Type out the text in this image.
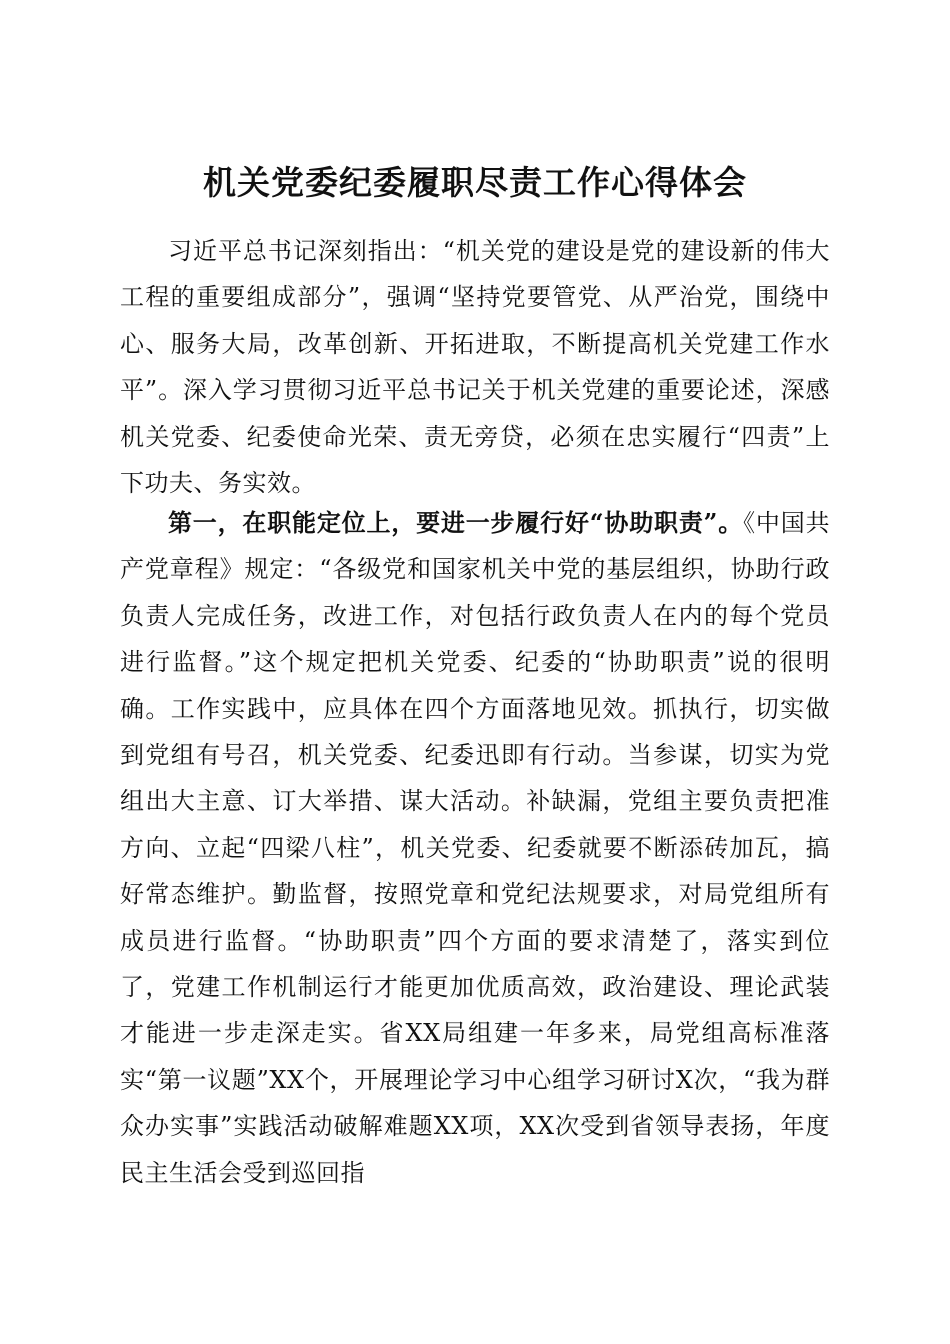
机关党委纪委履职尽责工作心得体会

习近平总书记深刻指出：“机关党的建设是党的建设新的伟大工程的重要组成部分”，强调“坚持党要管党、从严治党，围绕中心、服务大局，改革创新、开拓进取，不断提高机关党建工作水平”。深入学习贯彻习近平总书记关于机关党建的重要论述，深感机关党委、纪委使命光荣、责无旁贷，必须在忠实履行“四责”上下功夫、务实效。

第一，在职能定位上，要进一步履行好“协助职责”。《中国共产党章程》规定：“各级党和国家机关中党的基层组织，协助行政负责人完成任务，改进工作，对包括行政负责人在内的每个党员进行监督。”这个规定把机关党委、纪委的“协助职责”说的很明确。工作实践中，应具体在四个方面落地见效。抓执行，切实做到党组有号召，机关党委、纪委迅即有行动。当参谋，切实为党组出大主意、订大举措、谋大活动。补缺漏，党组主要负责把准方向、立起“四梁八柱”，机关党委、纪委就要不断添砖加瓦，搞好常态维护。勤监督，按照党章和党纪法规要求，对局党组所有成员进行监督。“协助职责”四个方面的要求清楚了，落实到位了，党建工作机制运行才能更加优质高效，政治建设、理论武装才能进一步走深走实。省XX局组建一年多来，局党组高标准落实“第一议题”XX个，开展理论学习中心组学习研讨X次，“我为群众办实事”实践活动破解难题XX项，XX次受到省领导表扬，年度民主生活会受到巡回指
